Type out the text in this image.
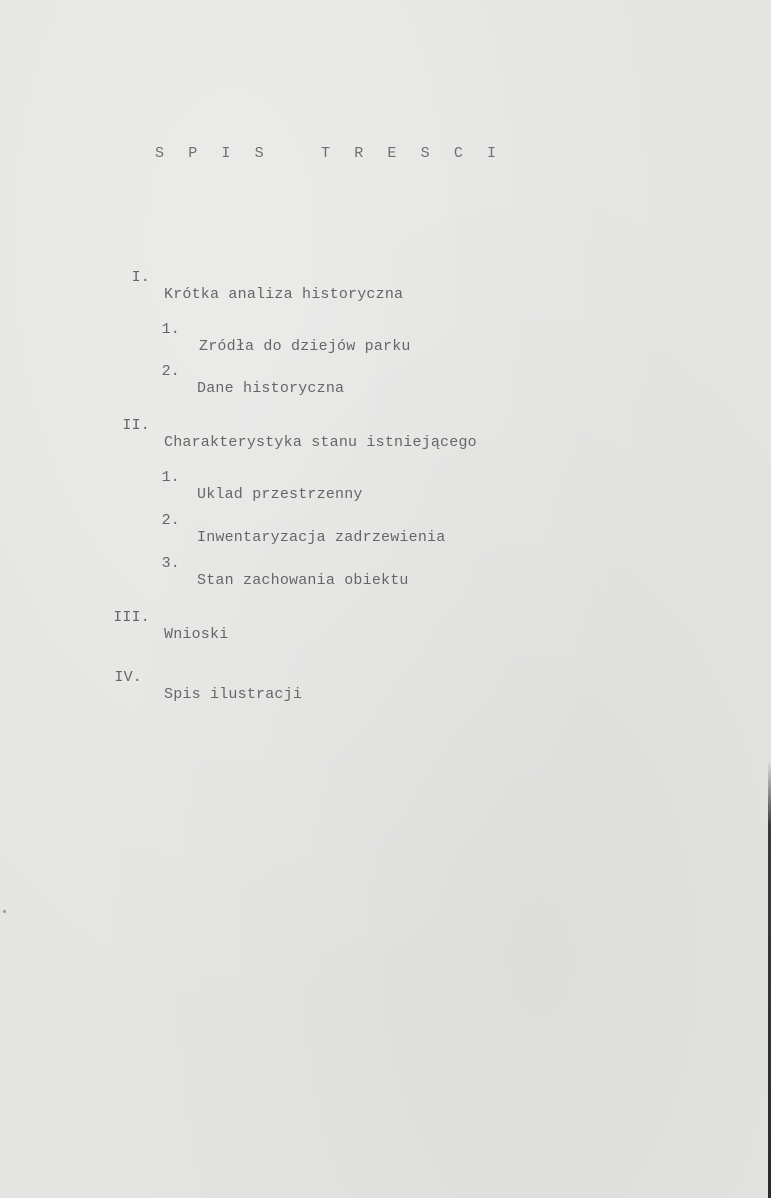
S P I S   T R E S C I

I.

Krótka analiza historyczna

1.

Zródła do dziejów parku

2.

Dane historyczna

II.

Charakterystyka stanu istniejącego

1.

Uklad przestrzenny

2.

Inwentaryzacja zadrzewienia

3.

Stan zachowania obiektu

III.

Wnioski

IV.

Spis ilustracji
